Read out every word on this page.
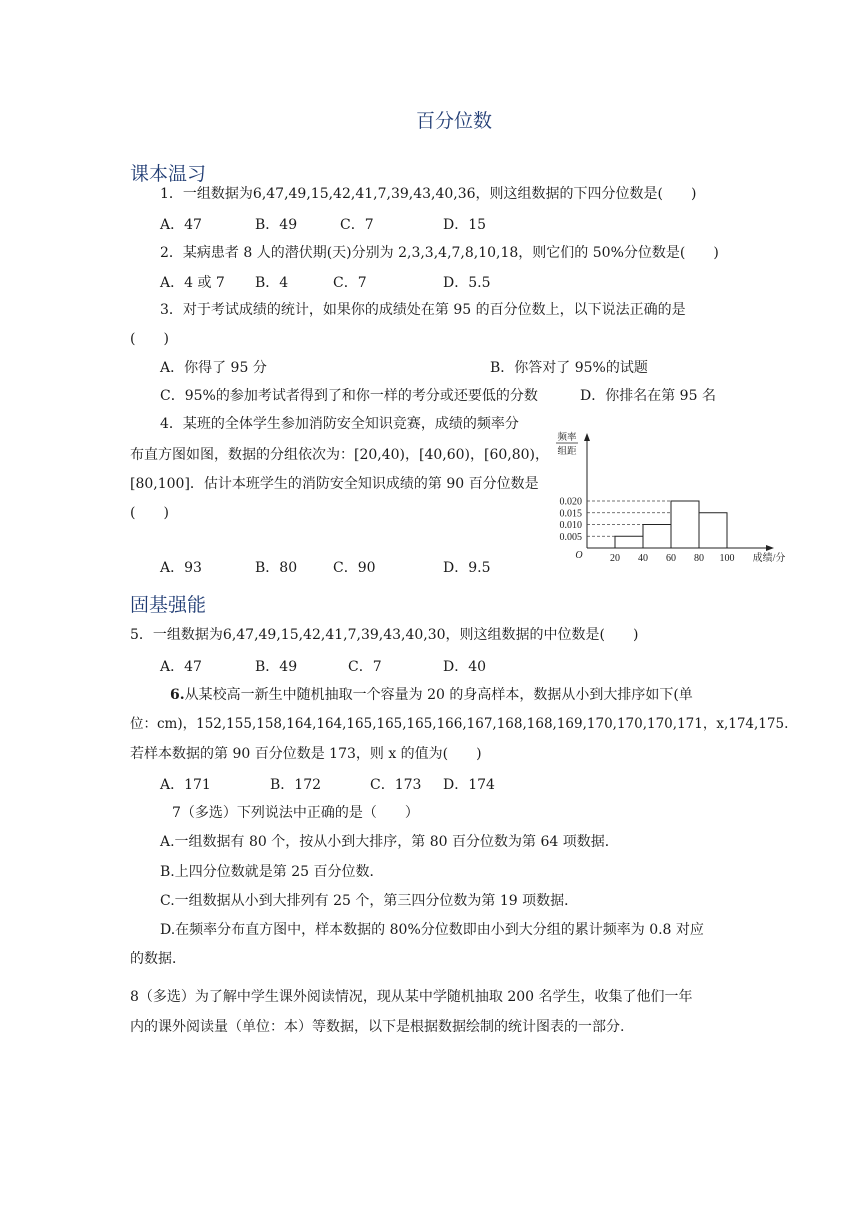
百分位数
课本温习
1．一组数据为6,47,49,15,42,41,7,39,43,40,36，则这组数据的下四分位数是(　　)
A．47	B．49	C．7	D．15
2．某病患者 8 人的潜伏期(天)分别为 2,3,3,4,7,8,10,18，则它们的 50%分位数是(　　)
A．4 或 7 B．4	C．7	D．5.5
3．对于考试成绩的统计，如果你的成绩处在第 95 的百分位数上，以下说法正确的是
(　　)
A．你得了 95 分	B．你答对了 95%的试题
C．95%的参加考试者得到了和你一样的考分或还要低的分数	D．你排名在第 95 名
4．某班的全体学生参加消防安全知识竞赛，成绩的频率分
布直方图如图，数据的分组依次为：[20,40)，[40,60)，[60,80)，
[80,100]．估计本班学生的消防安全知识成绩的第 90 百分位数是
(　　)
A．93	B．80	C．90	D．9.5
0.020
0.015
0.010
0.005
20 40 60 80 100
O
频率
组距
成绩/分
固基强能
5．一组数据为6,47,49,15,42,41,7,39,43,40,30，则这组数据的中位数是(　　)
A．47	B．49	C．7	D．40
6.从某校高一新生中随机抽取一个容量为 20 的身高样本，数据从小到大排序如下(单
位：cm)，152,155,158,164,164,165,165,165,166,167,168,168,169,170,170,170,171，x,174,175.
若样本数据的第 90 百分位数是 173，则 x 的值为(　　)
A．171	B．172	C．173 D．174
7（多选）下列说法中正确的是（　　）
A.一组数据有 80 个，按从小到大排序，第 80 百分位数为第 64 项数据．
B.上四分位数就是第 25 百分位数．
C.一组数据从小到大排列有 25 个，第三四分位数为第 19 项数据．
D.在频率分布直方图中，样本数据的 80%分位数即由小到大分组的累计频率为 0.8 对应
的数据．
8（多选）为了解中学生课外阅读情况，现从某中学随机抽取 200 名学生，收集了他们一年
内的课外阅读量（单位：本）等数据，以下是根据数据绘制的统计图表的一部分.
